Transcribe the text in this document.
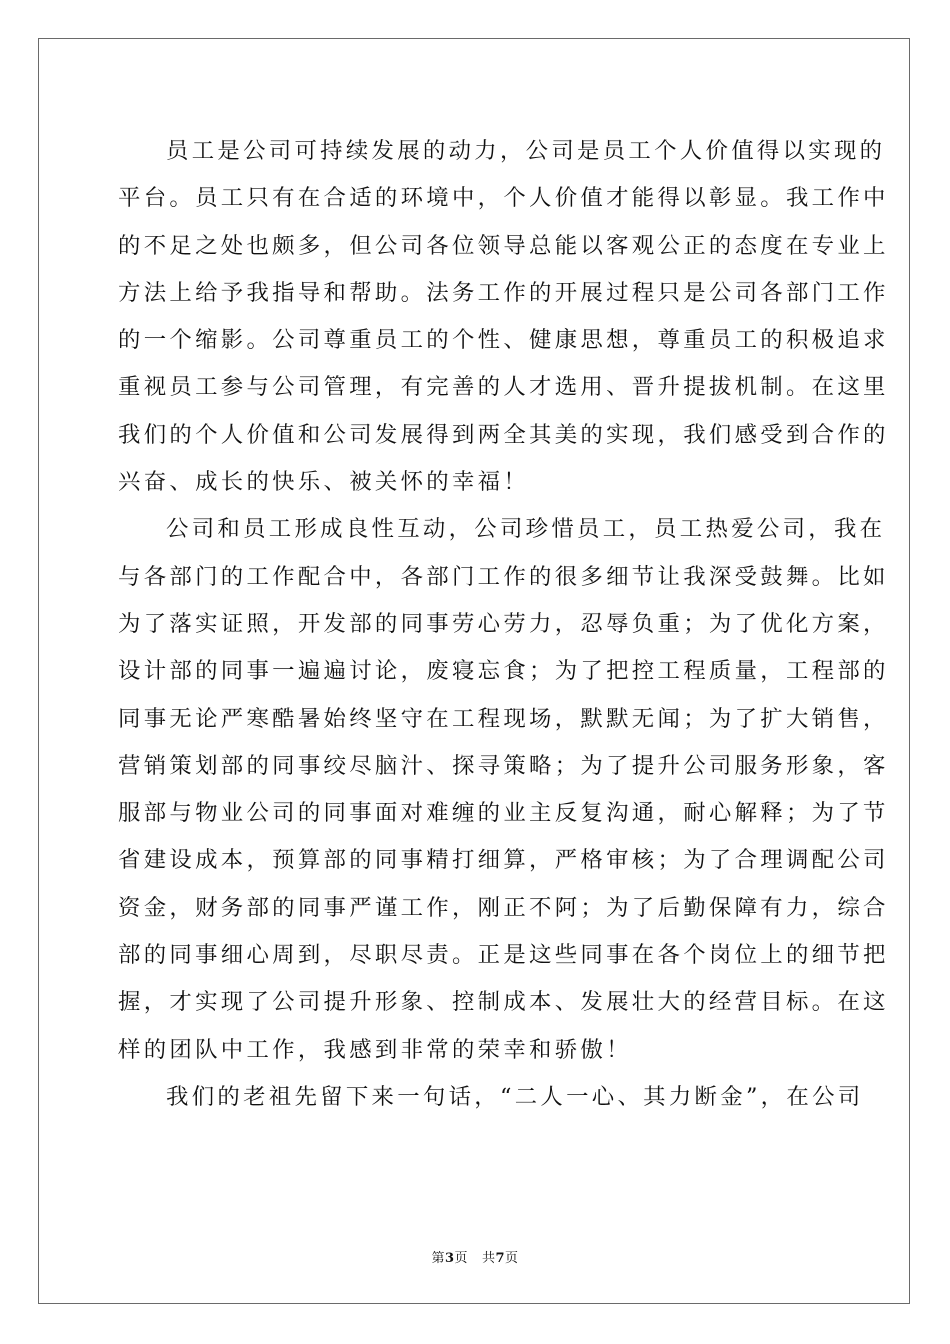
员工是公司可持续发展的动力，公司是员工个人价值得以实现的
平台。员工只有在合适的环境中，个人价值才能得以彰显。我工作中
的不足之处也颇多，但公司各位领导总能以客观公正的态度在专业上
方法上给予我指导和帮助。法务工作的开展过程只是公司各部门工作
的一个缩影。公司尊重员工的个性、健康思想，尊重员工的积极追求
重视员工参与公司管理，有完善的人才选用、晋升提拔机制。在这里
我们的个人价值和公司发展得到两全其美的实现，我们感受到合作的
兴奋、成长的快乐、被关怀的幸福！
公司和员工形成良性互动，公司珍惜员工，员工热爱公司，我在
与各部门的工作配合中，各部门工作的很多细节让我深受鼓舞。比如
为了落实证照，开发部的同事劳心劳力，忍辱负重；为了优化方案，
设计部的同事一遍遍讨论，废寝忘食；为了把控工程质量，工程部的
同事无论严寒酷暑始终坚守在工程现场，默默无闻；为了扩大销售，
营销策划部的同事绞尽脑汁、探寻策略；为了提升公司服务形象，客
服部与物业公司的同事面对难缠的业主反复沟通，耐心解释；为了节
省建设成本，预算部的同事精打细算，严格审核；为了合理调配公司
资金，财务部的同事严谨工作，刚正不阿；为了后勤保障有力，综合
部的同事细心周到，尽职尽责。正是这些同事在各个岗位上的细节把
握，才实现了公司提升形象、控制成本、发展壮大的经营目标。在这
样的团队中工作，我感到非常的荣幸和骄傲！
我们的老祖先留下来一句话，“二人一心、其力断金”，在公司
第3页 共7页
